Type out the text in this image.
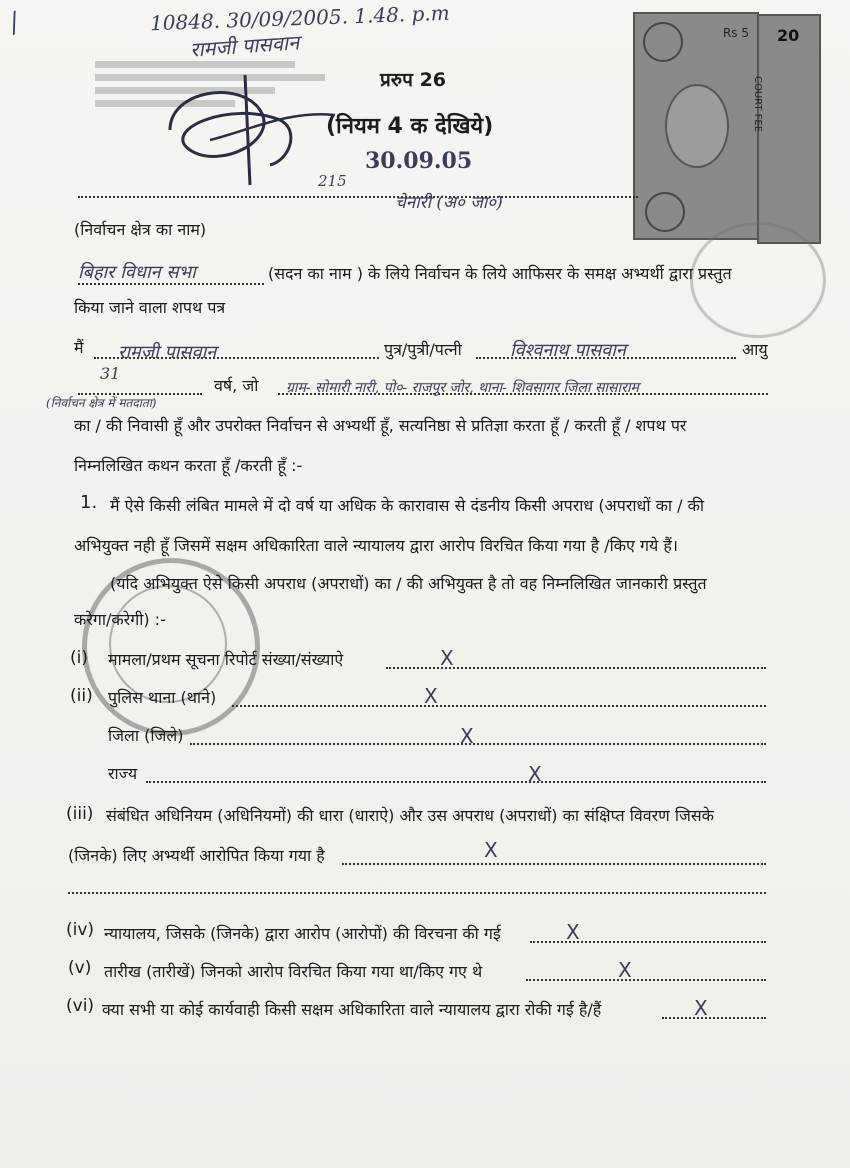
/	10848. 30/09/2005. 1.48. p.m
रामजी पासवान
प्ररुप 26
(नियम 4 क देखिये)
30.09.05
215
Rs 5 20
COURT FEE
चेनारी (अ० जा०)
(निर्वाचन क्षेत्र का नाम)
बिहार विधान सभा	(सदन का नाम ) के लिये निर्वाचन के लिये आफिसर के समक्ष अभ्यर्थी द्वारा प्रस्तुत
किया जाने वाला शपथ पत्र
मैं रामजी पासवान	पुत्र/पुत्री/पत्नी	विश्वनाथ पासवान	आयु
31
वर्ष, जो ग्राम- सोमारी नारी, पो०- राजपुर जोर, थाना- शिवसागर जिला सासाराम
(निर्वाचन क्षेत्र में मतदाता)
का / की निवासी हूँ और उपरोक्त निर्वाचन से अभ्यर्थी हूँ, सत्यनिष्ठा से प्रतिज्ञा करता हूँ / करती हूँ / शपथ पर
निम्नलिखित कथन करता हूँ /करती हूँ :-
1. मैं ऐसे किसी लंबित मामले में दो वर्ष या अधिक के कारावास से दंडनीय किसी अपराध (अपराधों का / की
अभियुक्त नही हूँ जिसमें सक्षम अधिकारिता वाले न्यायालय द्वारा आरोप विरचित किया गया है /किए गये हैं।
(यदि अभियुक्त ऐसे किसी अपराध (अपराधों) का / की अभियुक्त है तो वह निम्नलिखित जानकारी प्रस्तुत
करेगा/करेगी) :-
(i) मामला/प्रथम सूचना रिपोर्ट संख्या/संख्याऐ	X
(ii) पुलिस थाना (थाने)	X
जिला (जिले)	X
राज्य	X
(iii) संबंधित अधिनियम (अधिनियमों) की धारा (धाराऐ) और उस अपराध (अपराधों) का संक्षिप्त विवरण जिसके
(जिनके) लिए अभ्यर्थी आरोपित किया गया है	X
(iv) न्यायालय, जिसके (जिनके) द्वारा आरोप (आरोपों) की विरचना की गई	X
(v) तारीख (तारीखें) जिनको आरोप विरचित किया गया था/किए गए थे	X
(vi) क्या सभी या कोई कार्यवाही किसी सक्षम अधिकारिता वाले न्यायालय द्वारा रोकी गई है/हैं	X
